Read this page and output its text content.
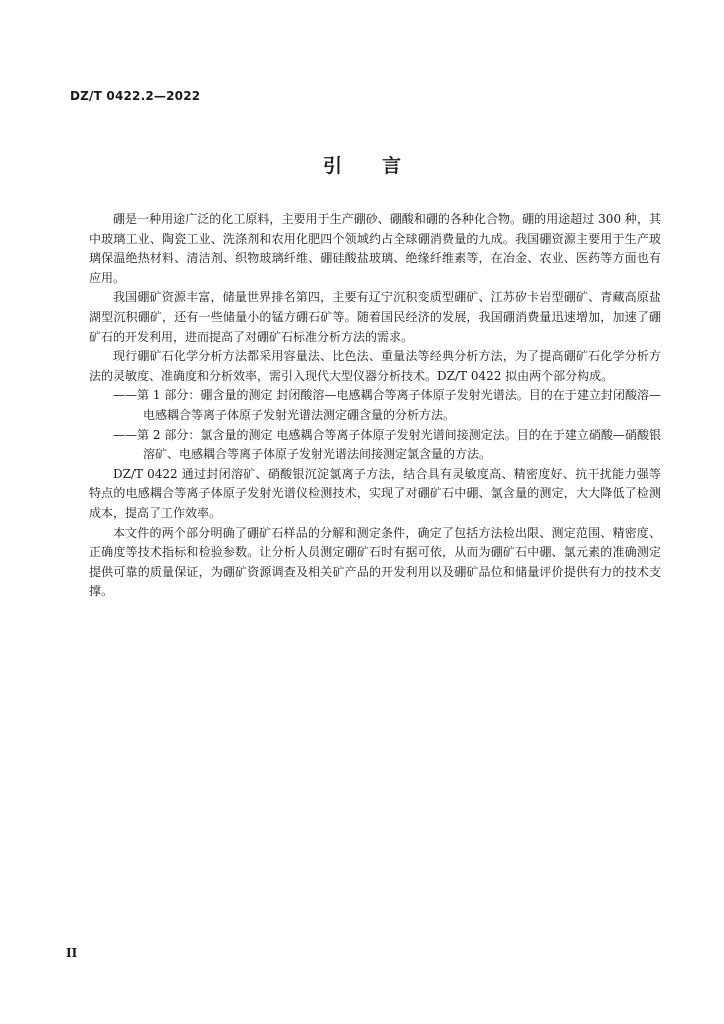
DZ/T 0422.2—2022
引言

硼是一种用途广泛的化工原料，主要用于生产硼砂、硼酸和硼的各种化合物。硼的用途超过 300 种，其中玻璃工业、陶瓷工业、洗涤剂和农用化肥四个领域约占全球硼消费量的九成。我国硼资源主要用于生产玻璃保温绝热材料、清洁剂、织物玻璃纤维、硼硅酸盐玻璃、绝缘纤维素等，在冶金、农业、医药等方面也有应用。

我国硼矿资源丰富，储量世界排名第四，主要有辽宁沉积变质型硼矿、江苏矽卡岩型硼矿、青藏高原盐湖型沉积硼矿，还有一些储量小的锰方硼石矿等。随着国民经济的发展，我国硼消费量迅速增加，加速了硼矿石的开发利用，进而提高了对硼矿石标准分析方法的需求。

现行硼矿石化学分析方法都采用容量法、比色法、重量法等经典分析方法，为了提高硼矿石化学分析方法的灵敏度、准确度和分析效率，需引入现代大型仪器分析技术。DZ/T 0422 拟由两个部分构成。

——第 1 部分：硼含量的测定 封闭酸溶—电感耦合等离子体原子发射光谱法。目的在于建立封闭酸溶—电感耦合等离子体原子发射光谱法测定硼含量的分析方法。

——第 2 部分：氯含量的测定 电感耦合等离子体原子发射光谱间接测定法。目的在于建立硝酸—硝酸银溶矿、电感耦合等离子体原子发射光谱法间接测定氯含量的方法。

DZ/T 0422 通过封闭溶矿、硝酸银沉淀氯离子方法，结合具有灵敏度高、精密度好、抗干扰能力强等特点的电感耦合等离子体原子发射光谱仪检测技术，实现了对硼矿石中硼、氯含量的测定，大大降低了检测成本，提高了工作效率。

本文件的两个部分明确了硼矿石样品的分解和测定条件，确定了包括方法检出限、测定范围、精密度、正确度等技术指标和检验参数。让分析人员测定硼矿石时有据可依，从而为硼矿石中硼、氯元素的准确测定提供可靠的质量保证，为硼矿资源调查及相关矿产品的开发利用以及硼矿品位和储量评价提供有力的技术支撑。

II
